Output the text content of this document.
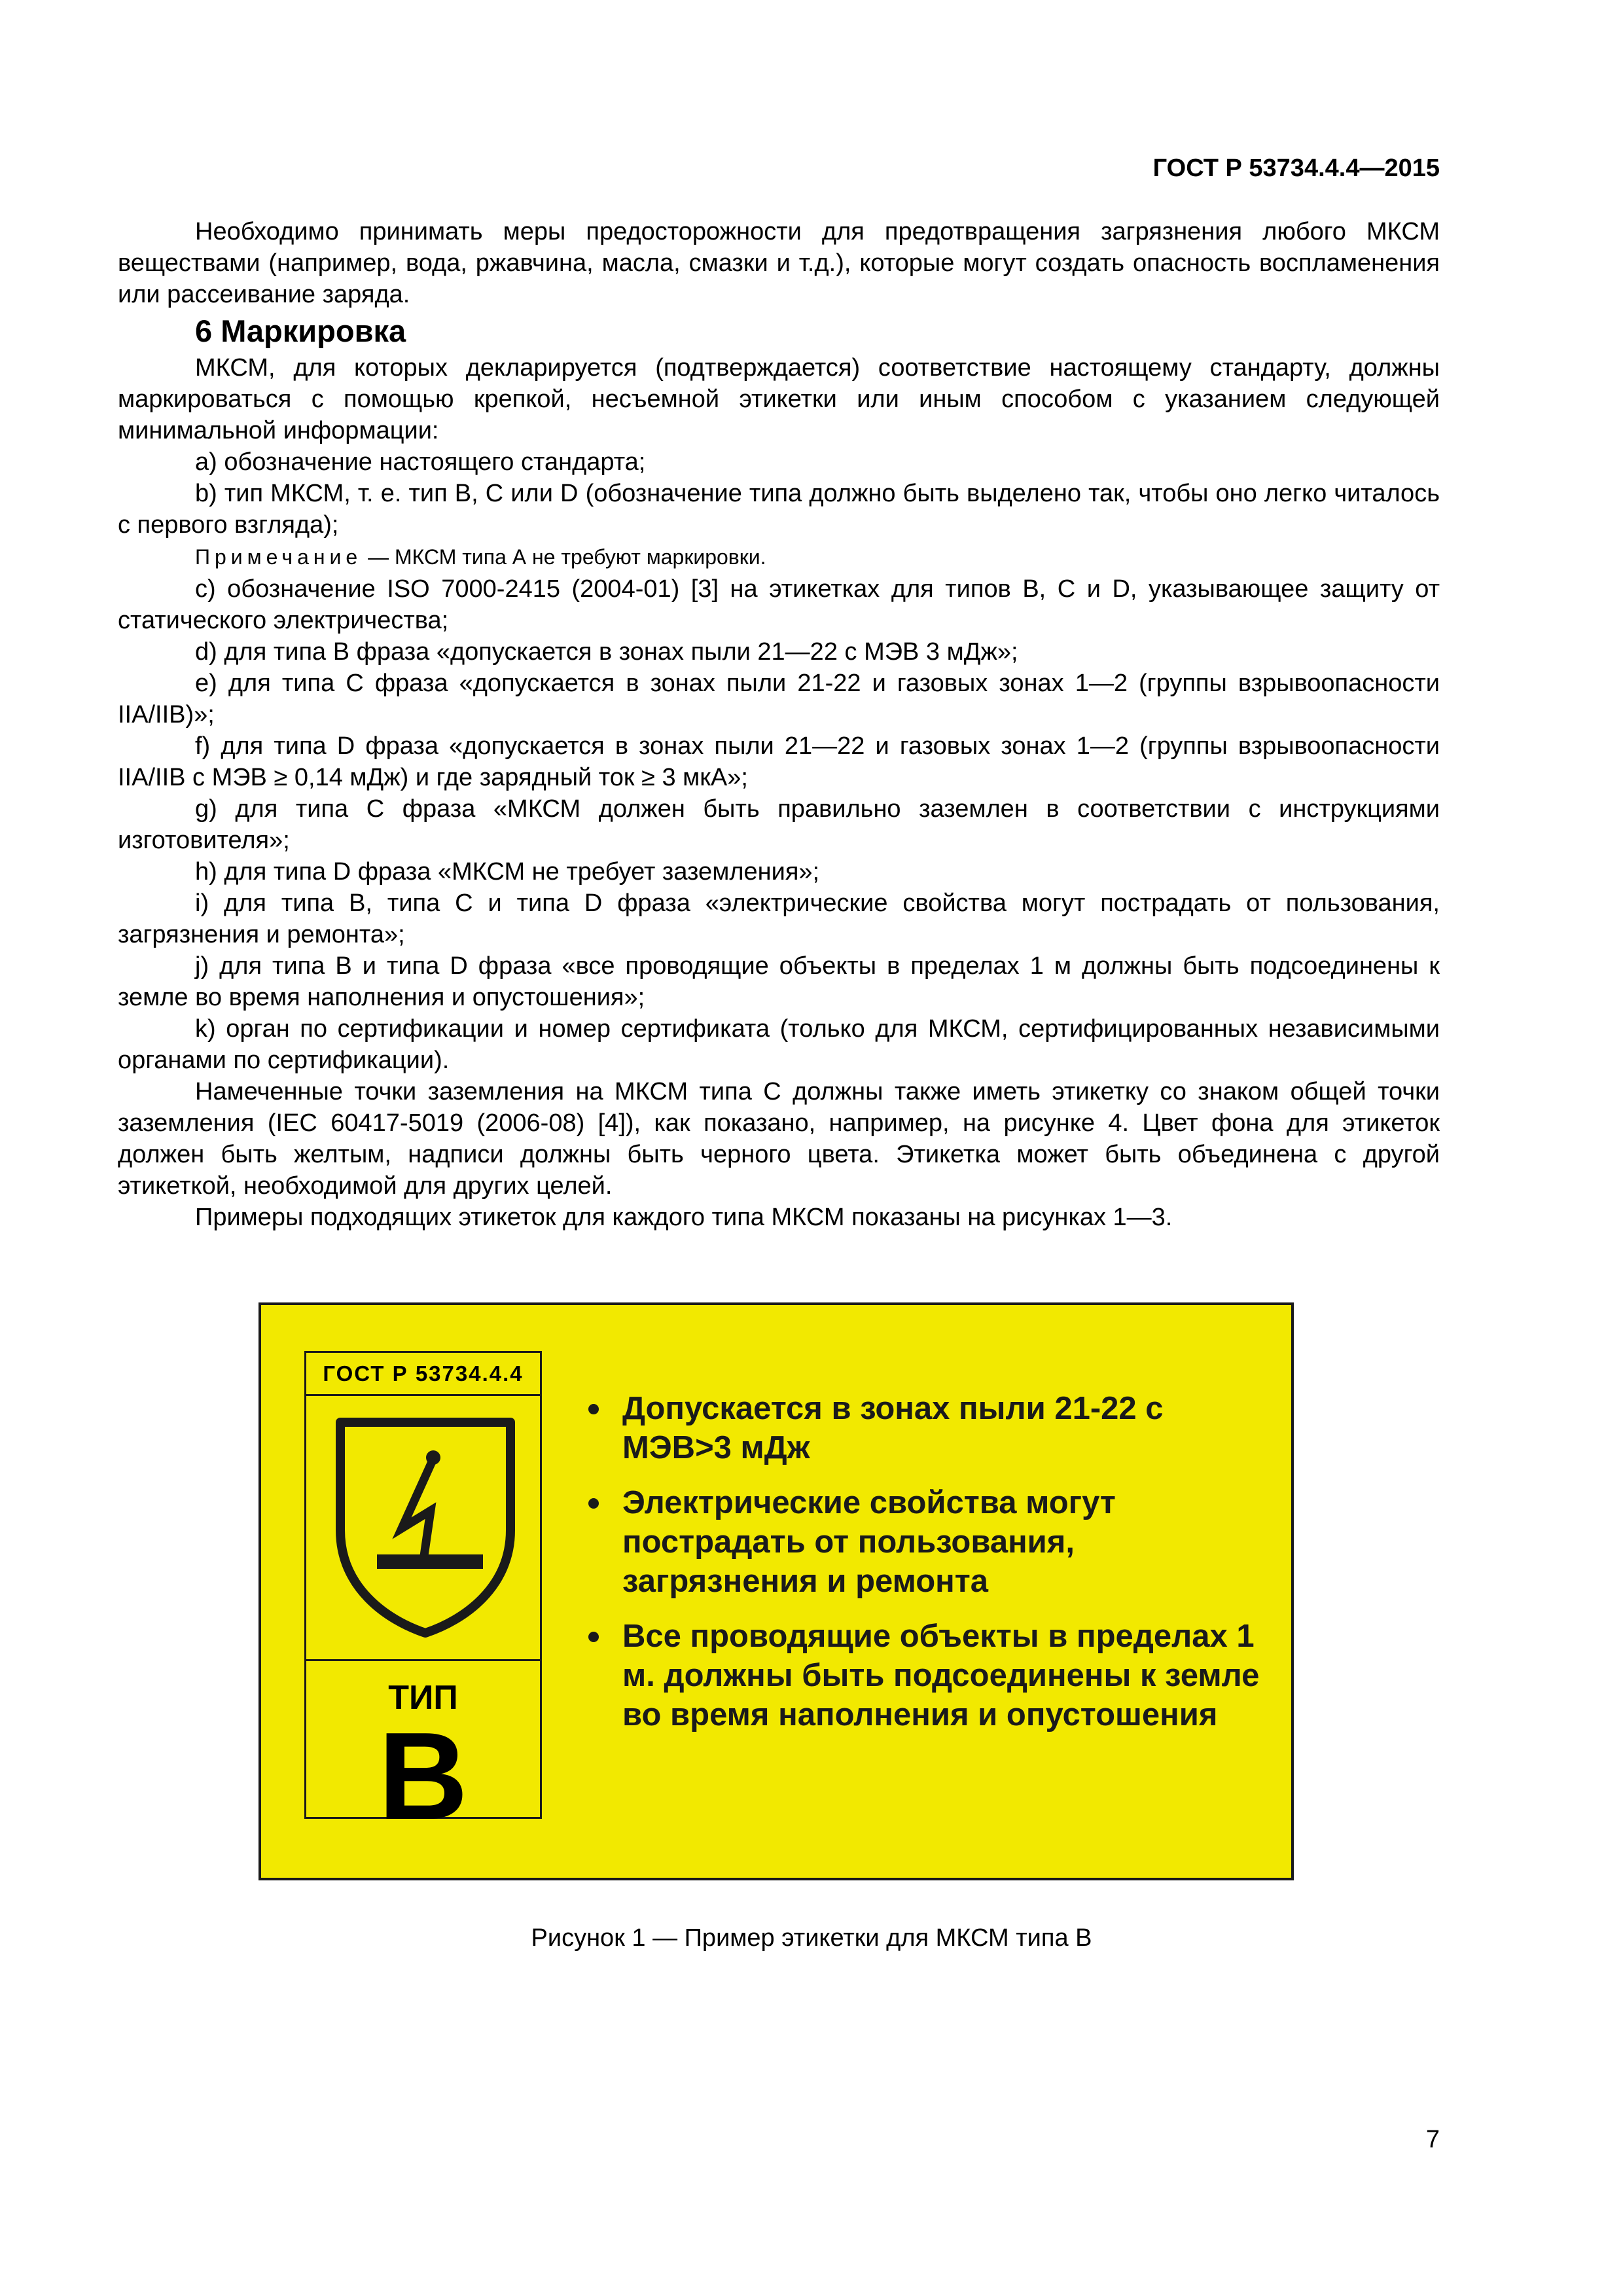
ГОСТ Р 53734.4.4—2015

Необходимо принимать меры предосторожности для предотвращения загрязнения любого МКСМ веществами (например, вода, ржавчина, масла, смазки и т.д.), которые могут создать опасность воспламенения или рассеивание заряда.

6 Маркировка

МКСМ, для которых декларируется (подтверждается) соответствие настоящему стандарту, должны маркироваться с помощью крепкой, несъемной этикетки или иным способом с указанием следующей минимальной информации:

а) обозначение настоящего стандарта;

b) тип МКСМ, т. е. тип В, С или D (обозначение типа должно быть выделено так, чтобы оно легко читалось с первого взгляда);

Примечание — МКСМ типа А не требуют маркировки.

с) обозначение ISO 7000-2415 (2004-01) [3] на этикетках для типов В, С и D, указывающее защиту от статического электричества;

d) для типа В фраза «допускается в зонах пыли 21—22 с МЭВ 3 мДж»;

е) для типа С фраза «допускается в зонах пыли 21-22 и газовых зонах 1—2 (группы взрывоопасности IIA/IIB)»;

f) для типа D фраза «допускается в зонах пыли 21—22 и газовых зонах 1—2 (группы взрывоопасности IIA/IIB с МЭВ ≥ 0,14 мДж) и где зарядный ток ≥ 3 мкА»;

g) для типа С фраза «МКСМ должен быть правильно заземлен в соответствии с инструкциями изготовителя»;

h) для типа D фраза «МКСМ не требует заземления»;

i) для типа В, типа С и типа D фраза «электрические свойства могут пострадать от пользования, загрязнения и ремонта»;

j) для типа В и типа D фраза «все проводящие объекты в пределах 1 м должны быть подсоединены к земле во время наполнения и опустошения»;

k) орган по сертификации и номер сертификата (только для МКСМ, сертифицированных независимыми органами по сертификации).

Намеченные точки заземления на МКСМ типа С должны также иметь этикетку со знаком общей точки заземления (IEC 60417-5019 (2006-08) [4]), как показано, например, на рисунке 4. Цвет фона для этикеток должен быть желтым, надписи должны быть черного цвета. Этикетка может быть объединена с другой этикеткой, необходимой для других целей.

Примеры подходящих этикеток для каждого типа МКСМ показаны на рисунках 1—3.

ГОСТ Р 53734.4.4
ТИП
В
Допускается в зонах пыли 21-22 с МЭВ>3 мДж
Электрические свойства могут пострадать от пользования, загрязнения и ремонта
Все проводящие объекты в пределах 1 м. должны быть подсоединены к земле во время наполнения и опустошения
Рисунок 1 — Пример этикетки для МКСМ типа В
7
